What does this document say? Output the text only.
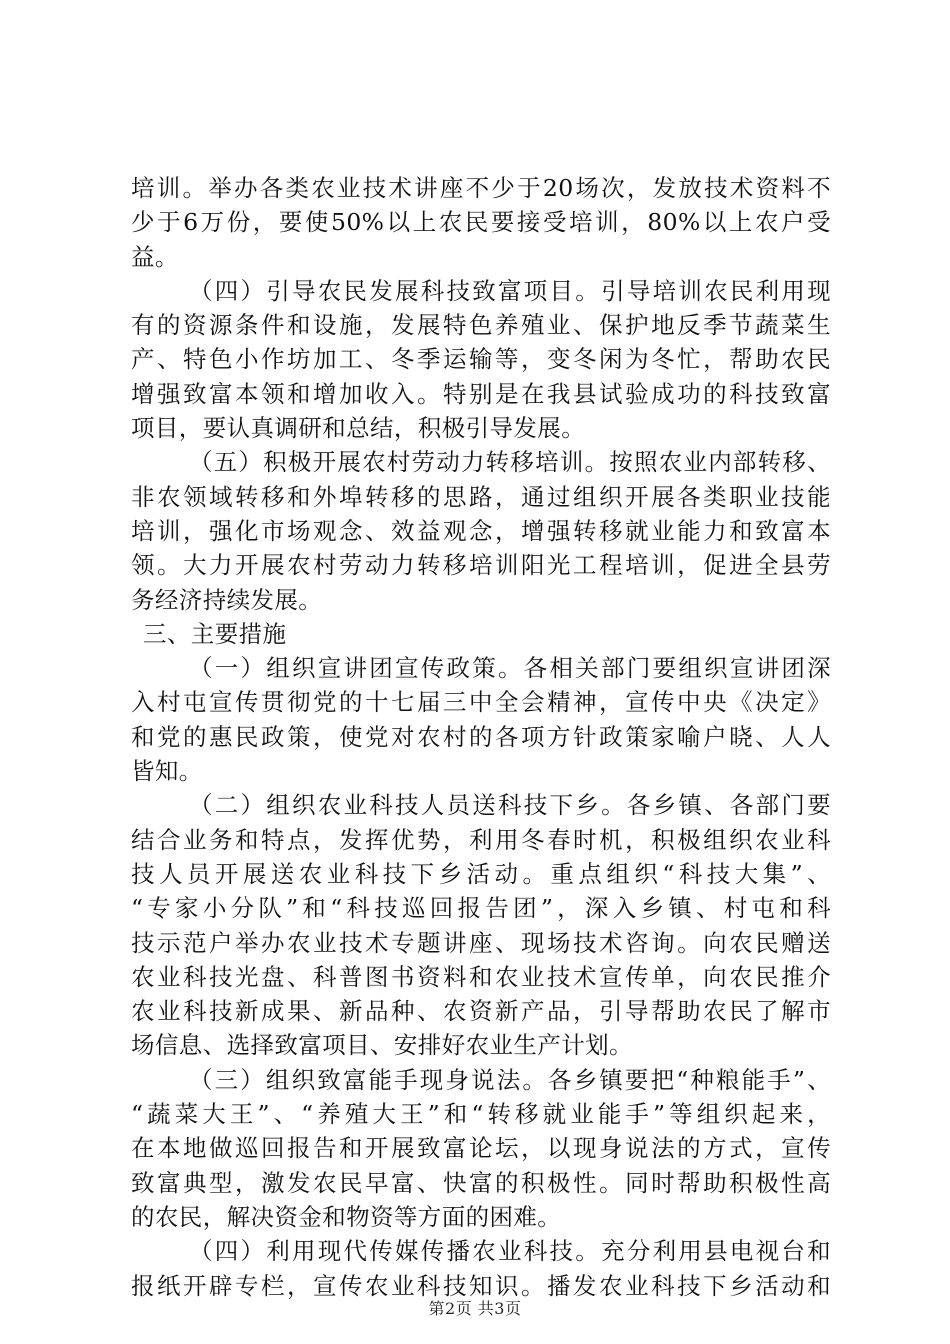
培训。举办各类农业技术讲座不少于20场次，发放技术资料不
少于6万份，要使50%以上农民要接受培训，80%以上农户受
益。
（四）引导农民发展科技致富项目。引导培训农民利用现
有的资源条件和设施，发展特色养殖业、保护地反季节蔬菜生
产、特色小作坊加工、冬季运输等，变冬闲为冬忙，帮助农民
增强致富本领和增加收入。特别是在我县试验成功的科技致富
项目，要认真调研和总结，积极引导发展。
（五）积极开展农村劳动力转移培训。按照农业内部转移、
非农领域转移和外埠转移的思路，通过组织开展各类职业技能
培训，强化市场观念、效益观念，增强转移就业能力和致富本
领。大力开展农村劳动力转移培训阳光工程培训，促进全县劳
务经济持续发展。
三、主要措施
（一）组织宣讲团宣传政策。各相关部门要组织宣讲团深
入村屯宣传贯彻党的十七届三中全会精神，宣传中央《决定》
和党的惠民政策，使党对农村的各项方针政策家喻户晓、人人
皆知。
（二）组织农业科技人员送科技下乡。各乡镇、各部门要
结合业务和特点，发挥优势，利用冬春时机，积极组织农业科
技人员开展送农业科技下乡活动。重点组织“科技大集”、
“专家小分队”和“科技巡回报告团”，深入乡镇、村屯和科
技示范户举办农业技术专题讲座、现场技术咨询。向农民赠送
农业科技光盘、科普图书资料和农业技术宣传单，向农民推介
农业科技新成果、新品种、农资新产品，引导帮助农民了解市
场信息、选择致富项目、安排好农业生产计划。
（三）组织致富能手现身说法。各乡镇要把“种粮能手”、
“蔬菜大王”、“养殖大王”和“转移就业能手”等组织起来，
在本地做巡回报告和开展致富论坛，以现身说法的方式，宣传
致富典型，激发农民早富、快富的积极性。同时帮助积极性高
的农民，解决资金和物资等方面的困难。
（四）利用现代传媒传播农业科技。充分利用县电视台和
报纸开辟专栏，宣传农业科技知识。播发农业科技下乡活动和
第2页 共3页
